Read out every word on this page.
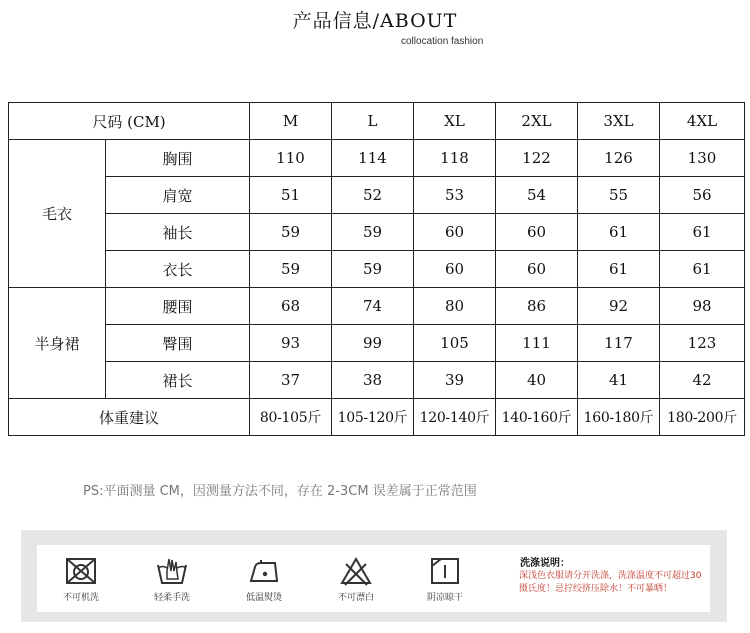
产品信息/ABOUT
collocation fashion
尺码 (CM)		M	L	XL	2XL	3XL	4XL
毛衣	胸围	110	114	118	122	126	130
	肩宽	51	52	53	54	55	56
	袖长	59	59	60	60	61	61
	衣长	59	59	60	60	61	61
半身裙	腰围	68	74	80	86	92	98
	臀围	93	99	105	111	117	123
	裙长	37	38	39	40	41	42
体重建议		80-105斤	105-120斤	120-140斤	140-160斤	160-180斤	180-200斤
PS:平面测量 CM，因测量方法不同，存在 2-3CM 误差属于正常范围
不可机洗	轻柔手洗	低温熨烫	不可漂白	阴凉晾干
洗涤说明：
深浅色衣服请分开洗涤，洗涤温度不可超过30摄氏度！忌拧绞挤压除水！不可暴晒！
